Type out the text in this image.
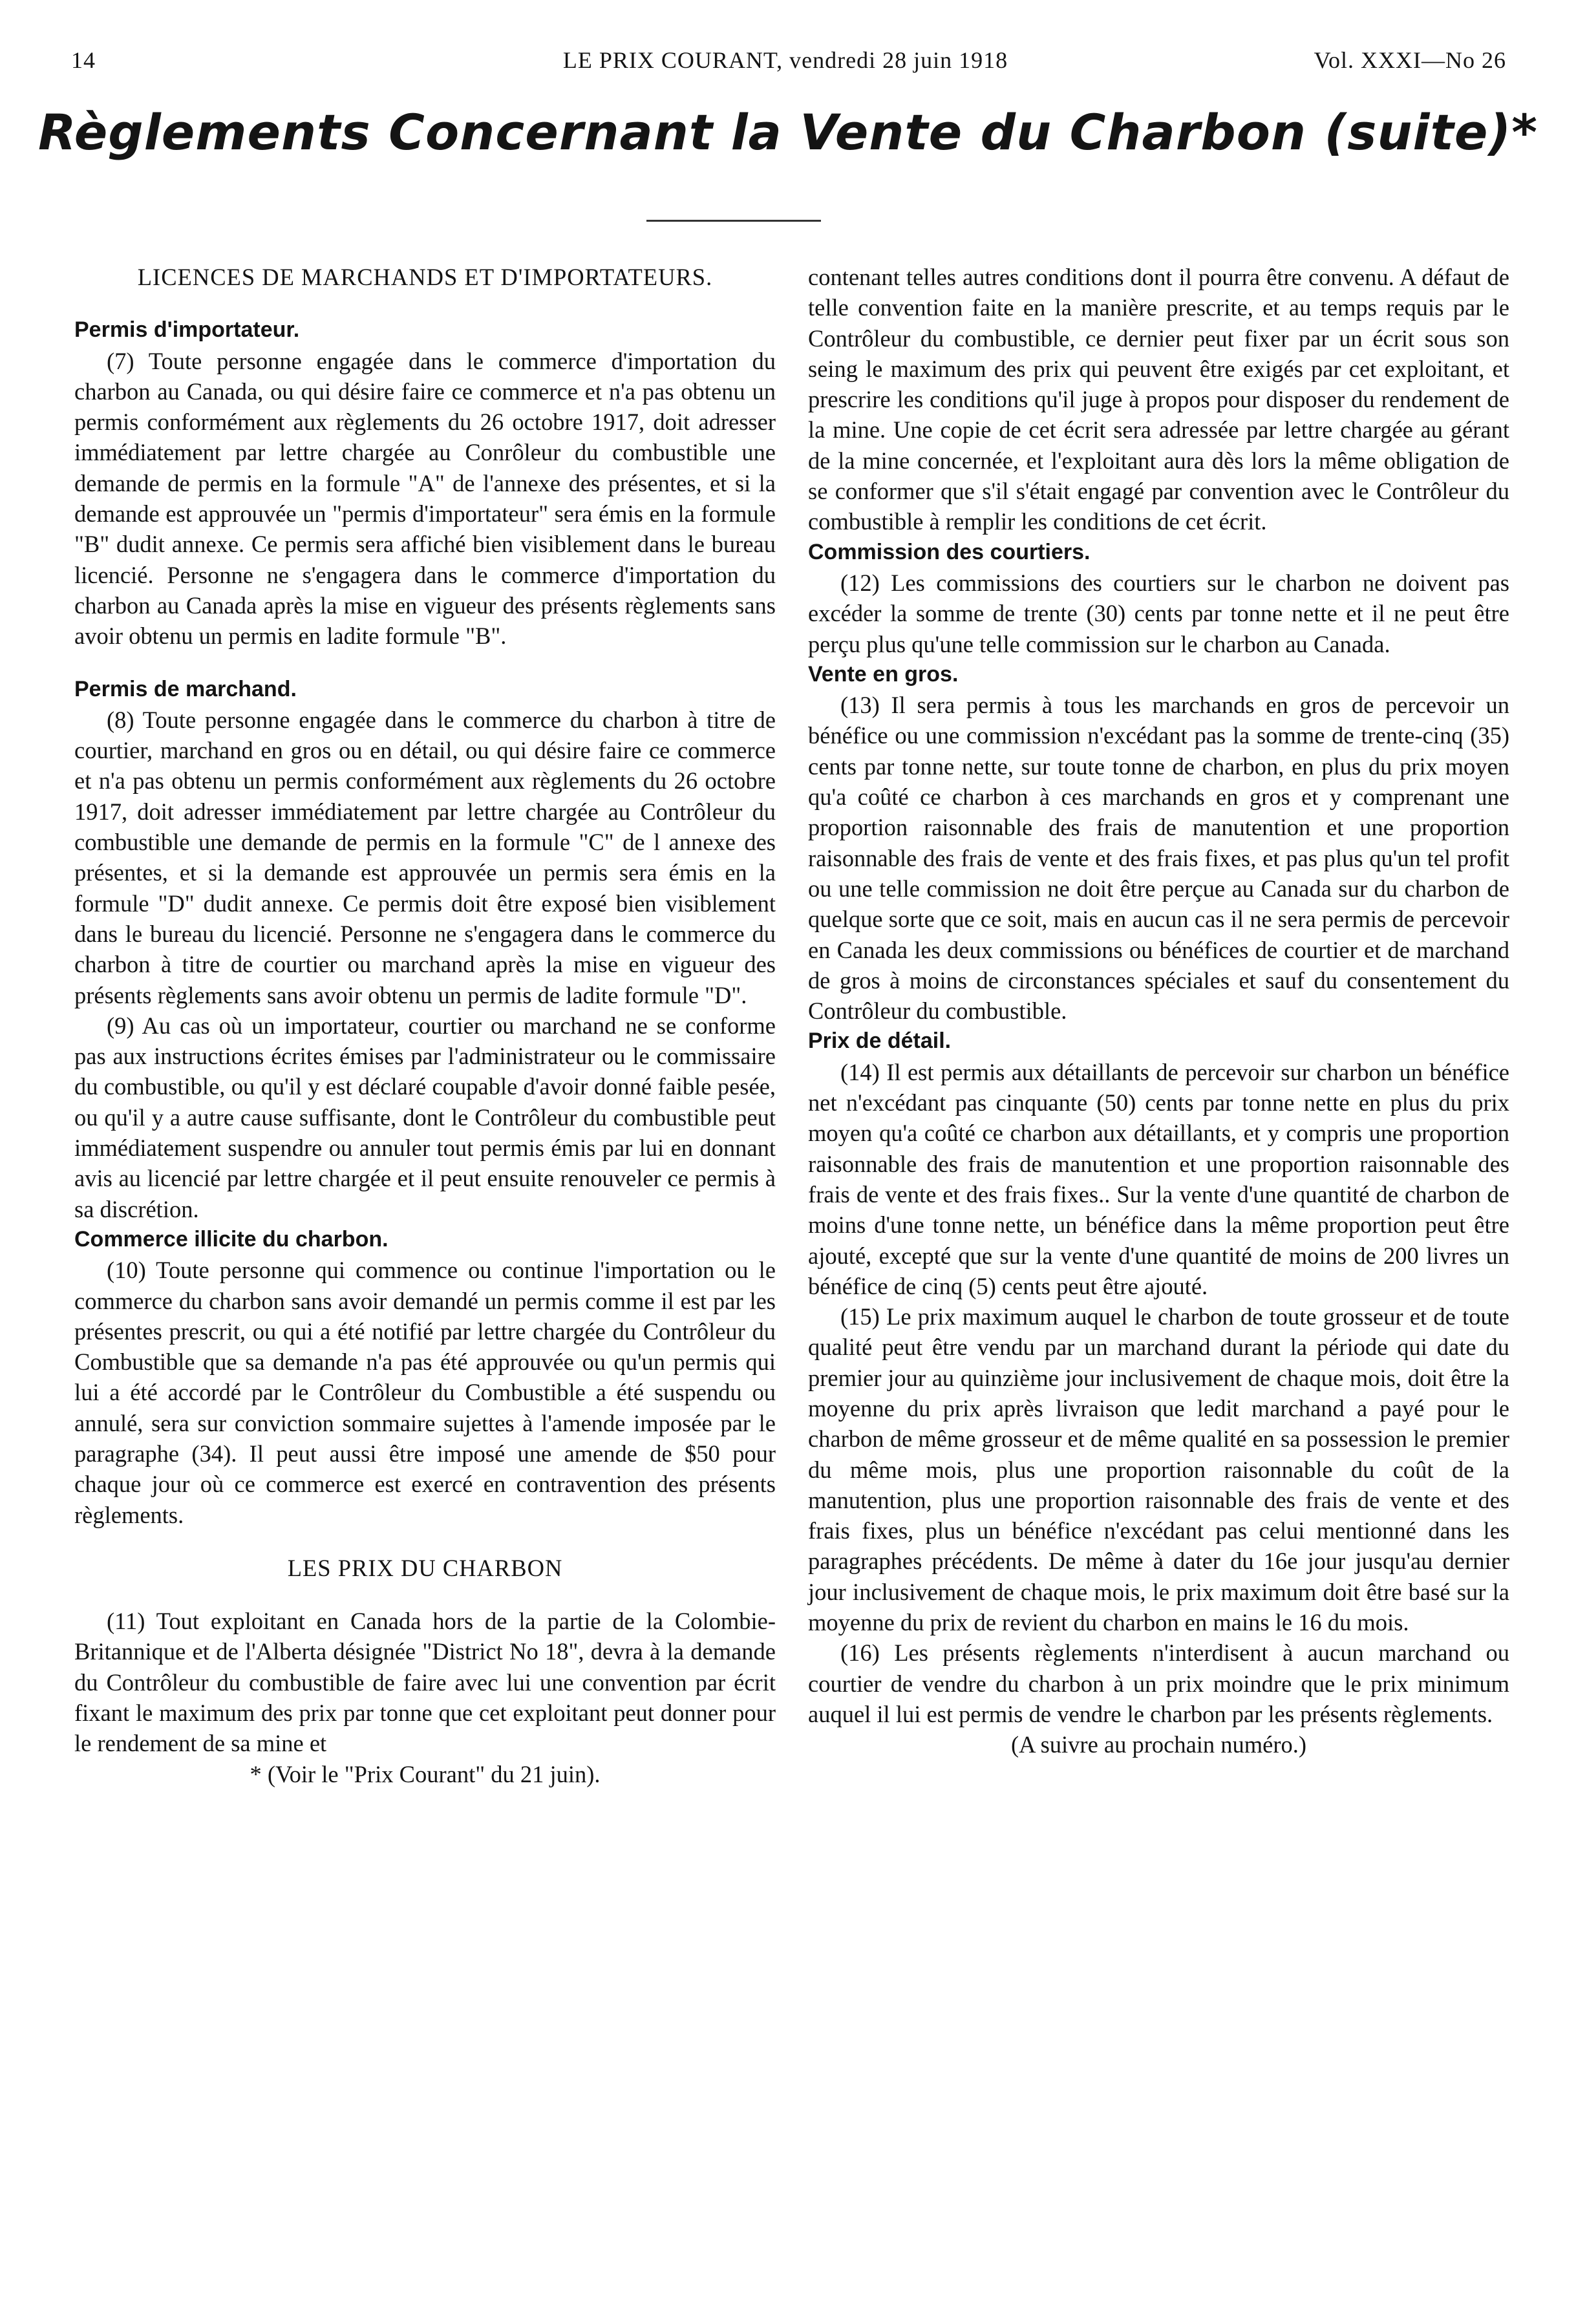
14	LE PRIX COURANT, vendredi 28 juin 1918	Vol. XXXI—No 26
Règlements Concernant la Vente du Charbon (suite)*

LICENCES DE MARCHANDS ET D'IMPORTATEURS.

Permis d'importateur.

(7) Toute personne engagée dans le commerce d'importation du charbon au Canada, ou qui désire faire ce commerce et n'a pas obtenu un permis conformément aux règlements du 26 octobre 1917, doit adresser immédiatement par lettre chargée au Conrôleur du combustible une demande de permis en la formule "A" de l'annexe des présentes, et si la demande est approuvée un "permis d'importateur" sera émis en la formule "B" dudit annexe. Ce permis sera affiché bien visiblement dans le bureau licencié. Personne ne s'engagera dans le commerce d'importation du charbon au Canada après la mise en vigueur des présents règlements sans avoir obtenu un permis en ladite formule "B".

Permis de marchand.

(8) Toute personne engagée dans le commerce du charbon à titre de courtier, marchand en gros ou en détail, ou qui désire faire ce commerce et n'a pas obtenu un permis conformément aux règlements du 26 octobre 1917, doit adresser immédiatement par lettre chargée au Contrôleur du combustible une demande de permis en la formule "C" de l annexe des présentes, et si la demande est approuvée un permis sera émis en la formule "D" dudit annexe. Ce permis doit être exposé bien visiblement dans le bureau du licencié. Personne ne s'engagera dans le commerce du charbon à titre de courtier ou marchand après la mise en vigueur des présents règlements sans avoir obtenu un permis de ladite formule "D".

(9) Au cas où un importateur, courtier ou marchand ne se conforme pas aux instructions écrites émises par l'administrateur ou le commissaire du combustible, ou qu'il y est déclaré coupable d'avoir donné faible pesée, ou qu'il y a autre cause suffisante, dont le Contrôleur du combustible peut immédiatement suspendre ou annuler tout permis émis par lui en donnant avis au licencié par lettre chargée et il peut ensuite renouveler ce permis à sa discrétion.

Commerce illicite du charbon.

(10) Toute personne qui commence ou continue l'importation ou le commerce du charbon sans avoir demandé un permis comme il est par les présentes prescrit, ou qui a été notifié par lettre chargée du Contrôleur du Combustible que sa demande n'a pas été approuvée ou qu'un permis qui lui a été accordé par le Contrôleur du Combustible a été suspendu ou annulé, sera sur conviction sommaire sujettes à l'amende imposée par le paragraphe (34). Il peut aussi être imposé une amende de $50 pour chaque jour où ce commerce est exercé en contravention des présents règlements.

LES PRIX DU CHARBON

(11) Tout exploitant en Canada hors de la partie de la Colombie-Britannique et de l'Alberta désignée "District No 18", devra à la demande du Contrôleur du combustible de faire avec lui une convention par écrit fixant le maximum des prix par tonne que cet exploitant peut donner pour le rendement de sa mine et

* (Voir le "Prix Courant" du 21 juin).

contenant telles autres conditions dont il pourra être convenu. A défaut de telle convention faite en la manière prescrite, et au temps requis par le Contrôleur du combustible, ce dernier peut fixer par un écrit sous son seing le maximum des prix qui peuvent être exigés par cet exploitant, et prescrire les conditions qu'il juge à propos pour disposer du rendement de la mine. Une copie de cet écrit sera adressée par lettre chargée au gérant de la mine concernée, et l'exploitant aura dès lors la même obligation de se conformer que s'il s'était engagé par convention avec le Contrôleur du combustible à remplir les conditions de cet écrit.

Commission des courtiers.

(12) Les commissions des courtiers sur le charbon ne doivent pas excéder la somme de trente (30) cents par tonne nette et il ne peut être perçu plus qu'une telle commission sur le charbon au Canada.

Vente en gros.

(13) Il sera permis à tous les marchands en gros de percevoir un bénéfice ou une commission n'excédant pas la somme de trente-cinq (35) cents par tonne nette, sur toute tonne de charbon, en plus du prix moyen qu'a coûté ce charbon à ces marchands en gros et y comprenant une proportion raisonnable des frais de manutention et une proportion raisonnable des frais de vente et des frais fixes, et pas plus qu'un tel profit ou une telle commission ne doit être perçue au Canada sur du charbon de quelque sorte que ce soit, mais en aucun cas il ne sera permis de percevoir en Canada les deux commissions ou bénéfices de courtier et de marchand de gros à moins de circonstances spéciales et sauf du consentement du Contrôleur du combustible.

Prix de détail.

(14) Il est permis aux détaillants de percevoir sur charbon un bénéfice net n'excédant pas cinquante (50) cents par tonne nette en plus du prix moyen qu'a coûté ce charbon aux détaillants, et y compris une proportion raisonnable des frais de manutention et une proportion raisonnable des frais de vente et des frais fixes.. Sur la vente d'une quantité de charbon de moins d'une tonne nette, un bénéfice dans la même proportion peut être ajouté, excepté que sur la vente d'une quantité de moins de 200 livres un bénéfice de cinq (5) cents peut être ajouté.

(15) Le prix maximum auquel le charbon de toute grosseur et de toute qualité peut être vendu par un marchand durant la période qui date du premier jour au quinzième jour inclusivement de chaque mois, doit être la moyenne du prix après livraison que ledit marchand a payé pour le charbon de même grosseur et de même qualité en sa possession le premier du même mois, plus une proportion raisonnable du coût de la manutention, plus une proportion raisonnable des frais de vente et des frais fixes, plus un bénéfice n'excédant pas celui mentionné dans les paragraphes précédents. De même à dater du 16e jour jusqu'au dernier jour inclusivement de chaque mois, le prix maximum doit être basé sur la moyenne du prix de revient du charbon en mains le 16 du mois.

(16) Les présents règlements n'interdisent à aucun marchand ou courtier de vendre du charbon à un prix moindre que le prix minimum auquel il lui est permis de vendre le charbon par les présents règlements.

(A suivre au prochain numéro.)
